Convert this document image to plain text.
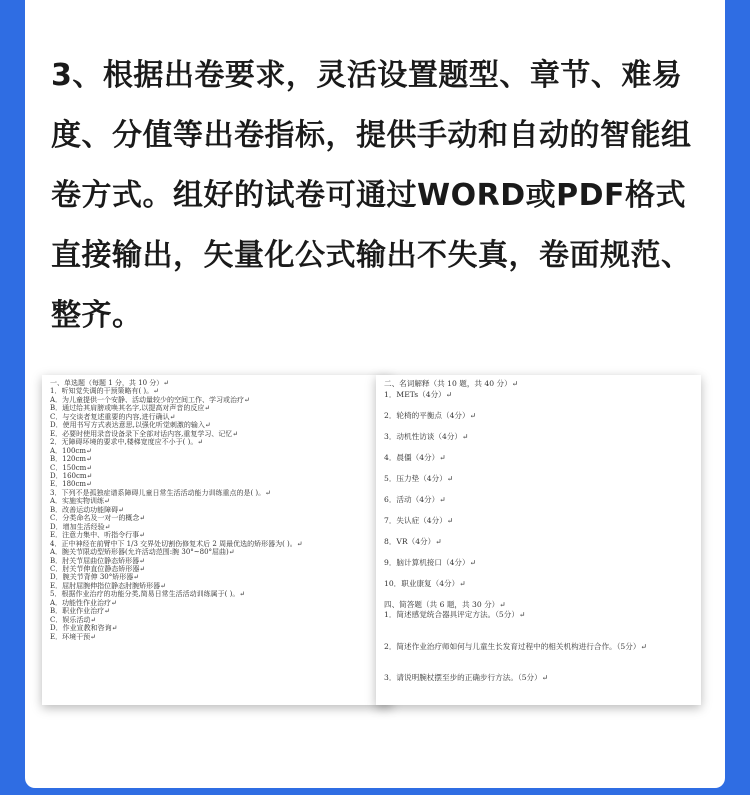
3、根据出卷要求，灵活设置题型、章节、难易度、分值等出卷指标，提供手动和自动的智能组卷方式。组好的试卷可通过WORD或PDF格式直接输出，矢量化公式输出不失真，卷面规范、整齐。

一、单选题（每题 1 分，共 10 分）↵
1．听知觉失调的干预策略有( )。↵
A．为儿童提供一个安静、活动量较少的空间工作、学习或治疗↵
B．通过给其肩膀或唤其名字,以提高对声音的反应↵
C．与交谈者复述重要的内容,进行确认↵
D．使用书写方式表达意思,以强化听觉刺激的输入↵
E．必要时使用录音设备录下全部对话内容,重复学习、记忆↵
2．无障碍环境的要求中,楼梯宽度应不小于( )。↵
A．100cm↵
B．120cm↵
C．150cm↵
D．160cm↵
E．180cm↵
3．下列不是孤独症谱系障碍儿童日常生活活动能力训练重点的是( )。↵
A．实施实物训练↵
B．改善运动功能障碍↵
C．分类命名及一对一的概念↵
D．增加生活经验↵
E．注意力集中、听指令行事↵
4．正中神经在前臂中下 1/3 交界处切割伤修复术后 2 周最优选的矫形器为( )。↵
A．腕关节限动型矫形器(允许活动范围:腕 30°~80°屈曲)↵
B．肘关节屈曲位静态矫形器↵
C．肘关节伸直位静态矫形器↵
D．腕关节背伸 30°矫形器↵
E．屈肘屈腕伸指位静态肘腕矫形器↵
5．根据作业治疗的功能分类,简易日常生活活动训练属于( )。↵
A．功能性作业治疗↵
B．职业作业治疗↵
C．娱乐活动↵
D．作业宣教和咨询↵
E．环境干预↵
二、名词解释（共 10 题，共 40 分）↵
1．METs（4分）↵
2．轮椅的平衡点（4分）↵
3．动机性访谈（4分）↵
4．晨僵（4分）↵
5．压力垫（4分）↵
6．活动（4分）↵
7．失认症（4分）↵
8．VR（4分）↵
9．脑计算机接口（4分）↵
10．职业康复（4分）↵
四、简答题（共 6 题，共 30 分）↵
1．简述感觉统合器具评定方法。（5分）↵
2．简述作业治疗师如何与儿童生长发育过程中的相关机构进行合作。（5分）↵
3．请说明腕杖摆至步的正确步行方法。（5分）↵
